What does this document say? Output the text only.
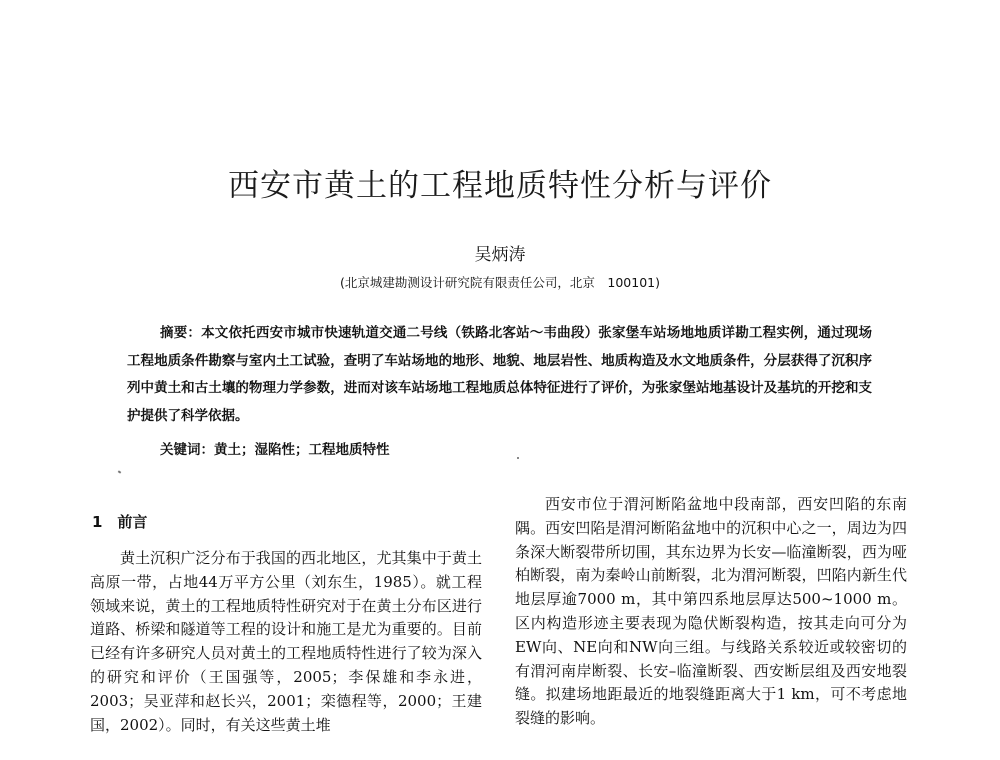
西安市黄土的工程地质特性分析与评价
吴炳涛
(北京城建勘测设计研究院有限责任公司，北京　100101)

摘要：本文依托西安市城市快速轨道交通二号线（铁路北客站～韦曲段）张家堡车站场地地质详勘工程实例，通过现场工程地质条件勘察与室内土工试验，查明了车站场地的地形、地貌、地层岩性、地质构造及水文地质条件，分层获得了沉积序列中黄土和古土壤的物理力学参数，进而对该车站场地工程地质总体特征进行了评价，为张家堡站地基设计及基坑的开挖和支护提供了科学依据。

关键词：黄土；湿陷性；工程地质特性

1　前言

黄土沉积广泛分布于我国的西北地区，尤其集中于黄土高原一带，占地44万平方公里（刘东生，1985）。就工程领域来说，黄土的工程地质特性研究对于在黄土分布区进行道路、桥梁和隧道等工程的设计和施工是尤为重要的。目前已经有许多研究人员对黄土的工程地质特性进行了较为深入的研究和评价（王国强等，2005；李保雄和李永进，2003；吴亚萍和赵长兴，2001；栾德程等，2000；王建国，2002）。同时，有关这些黄土堆

西安市位于渭河断陷盆地中段南部，西安凹陷的东南隅。西安凹陷是渭河断陷盆地中的沉积中心之一，周边为四条深大断裂带所切围，其东边界为长安—临潼断裂，西为哑柏断裂，南为秦岭山前断裂，北为渭河断裂，凹陷内新生代地层厚逾7000 m，其中第四系地层厚达500~1000 m。区内构造形迹主要表现为隐伏断裂构造，按其走向可分为EW向、NE向和NW向三组。与线路关系较近或较密切的有渭河南岸断裂、长安–临潼断裂、西安断层组及西安地裂缝。拟建场地距最近的地裂缝距离大于1 km，可不考虑地裂缝的影响。
